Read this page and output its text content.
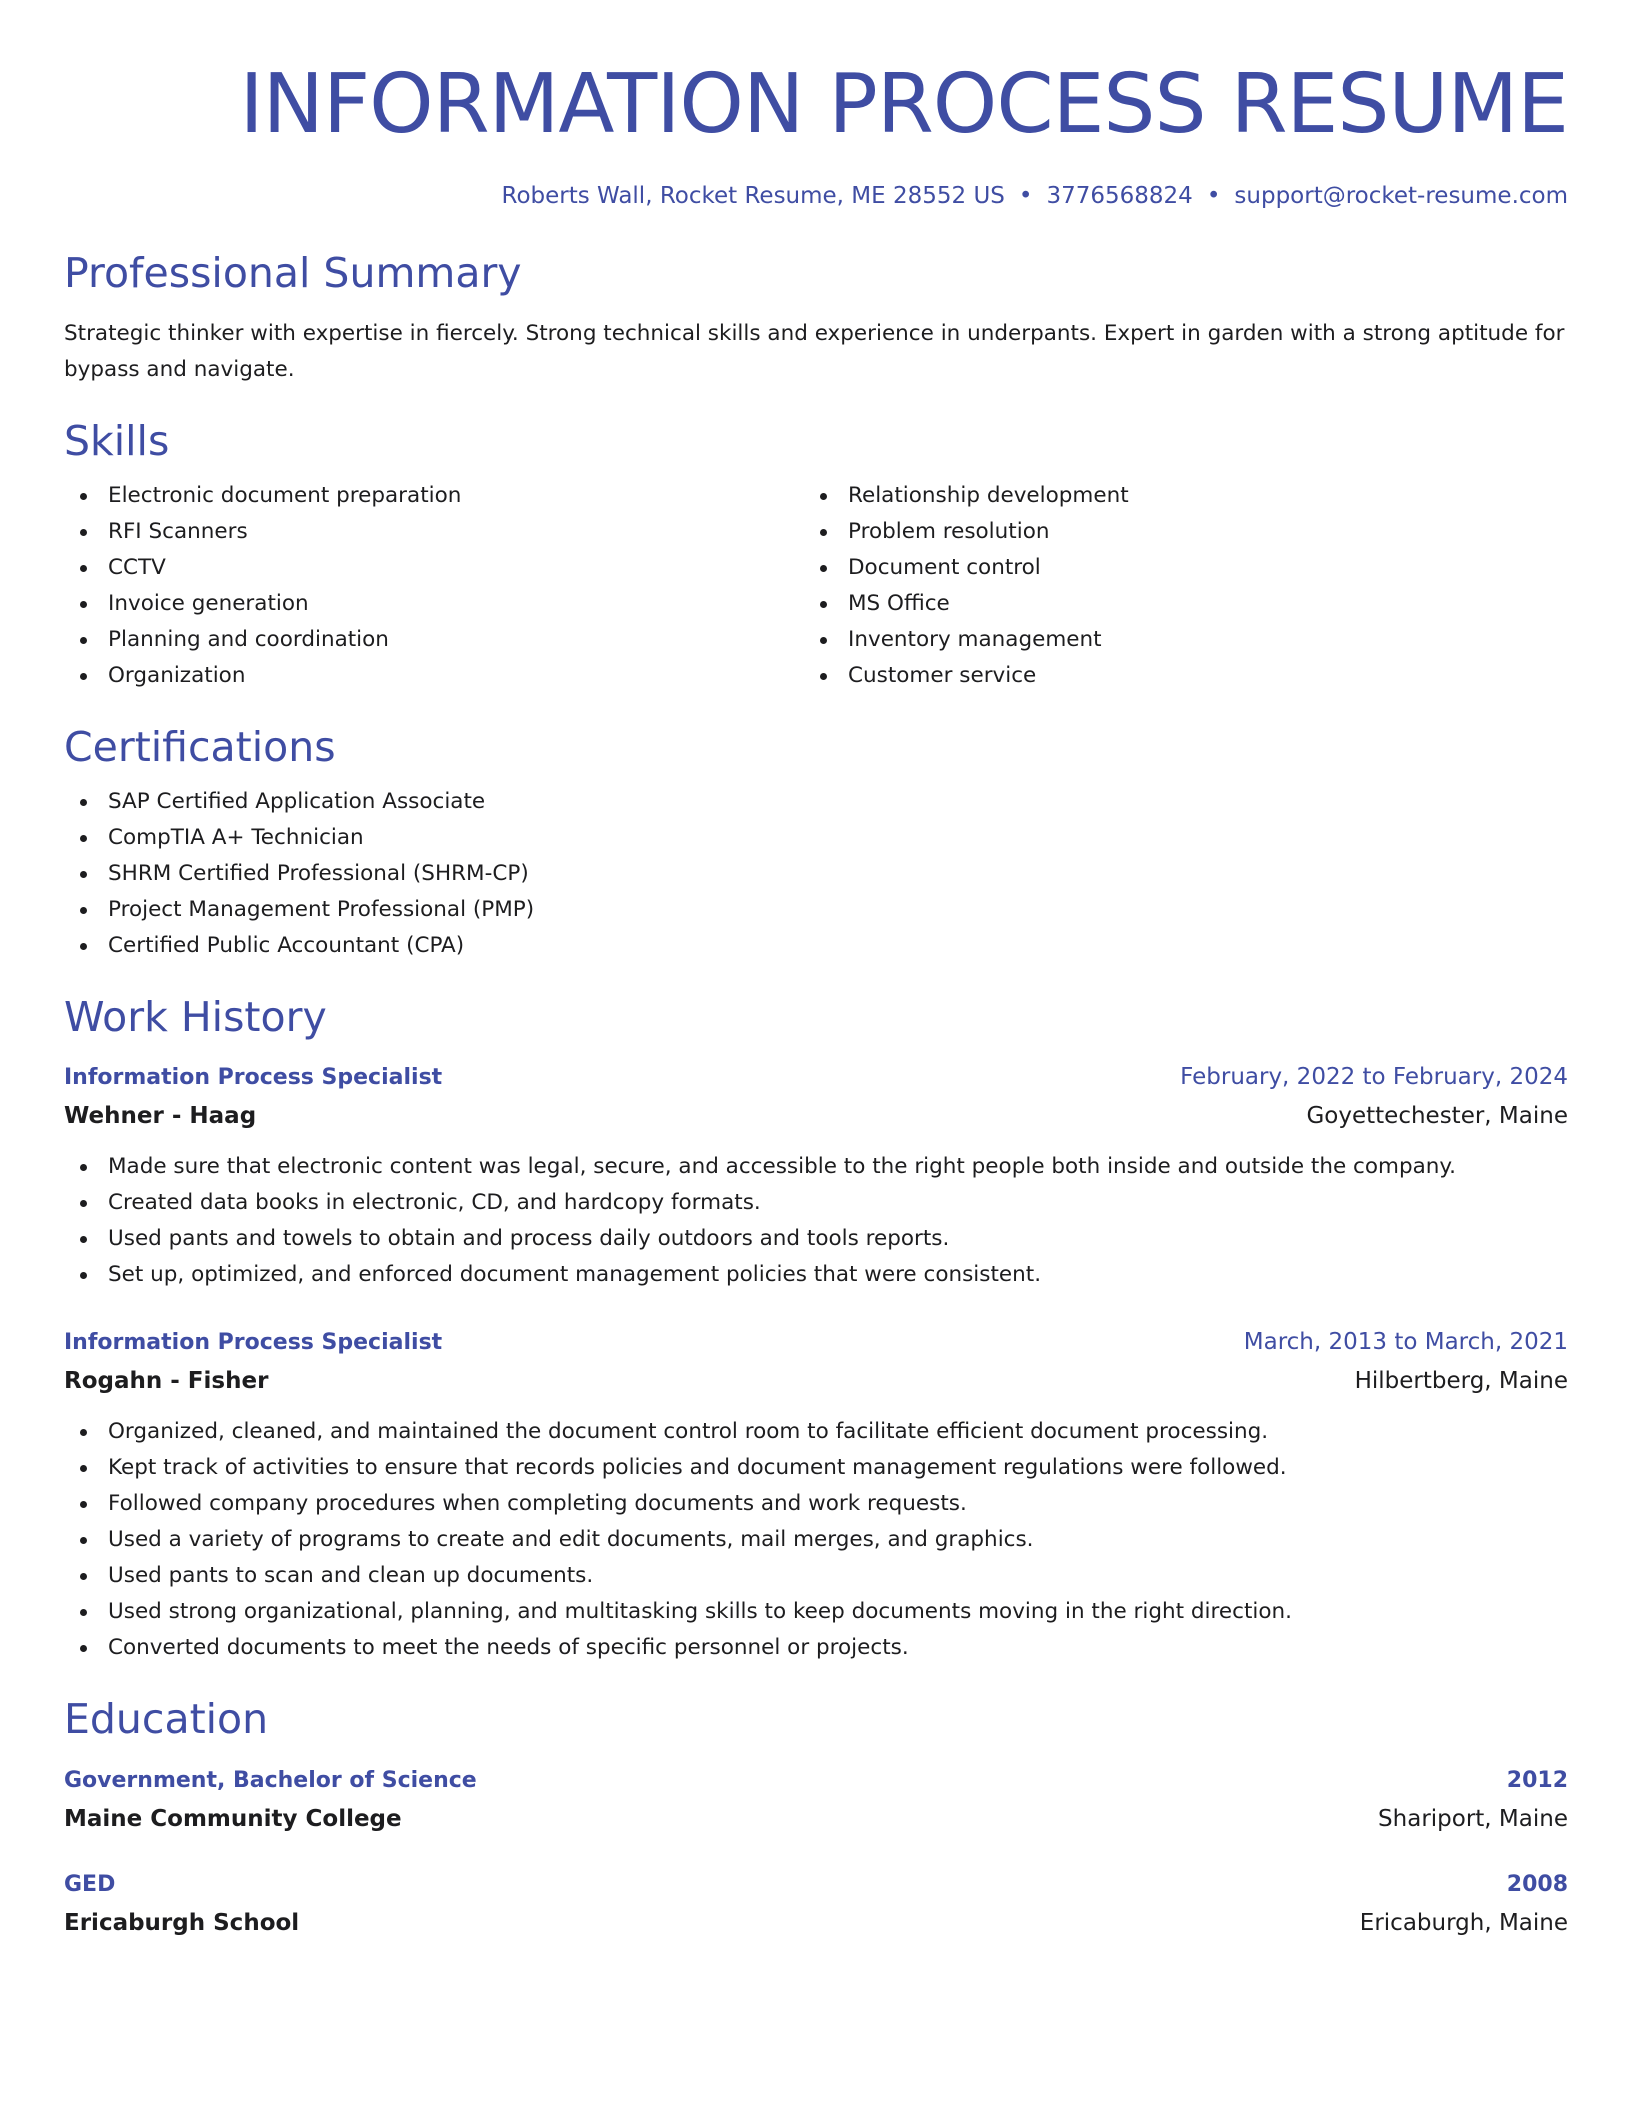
INFORMATION PROCESS RESUME
Roberts Wall, Rocket Resume, ME 28552 US • 3776568824 • support@rocket-resume.com
Professional Summary

Strategic thinker with expertise in fiercely. Strong technical skills and experience in underpants. Expert in garden with a strong aptitude for bypass and navigate.

Skills
Electronic document preparation
RFI Scanners
CCTV
Invoice generation
Planning and coordination
Organization
Relationship development
Problem resolution
Document control
MS Office
Inventory management
Customer service
Certifications
SAP Certified Application Associate
CompTIA A+ Technician
SHRM Certified Professional (SHRM-CP)
Project Management Professional (PMP)
Certified Public Accountant (CPA)
Work History
Information Process Specialist	February, 2022 to February, 2024
Wehner - Haag	Goyettechester, Maine
Made sure that electronic content was legal, secure, and accessible to the right people both inside and outside the company.
Created data books in electronic, CD, and hardcopy formats.
Used pants and towels to obtain and process daily outdoors and tools reports.
Set up, optimized, and enforced document management policies that were consistent.
Information Process Specialist	March, 2013 to March, 2021
Rogahn - Fisher	Hilbertberg, Maine
Organized, cleaned, and maintained the document control room to facilitate efficient document processing.
Kept track of activities to ensure that records policies and document management regulations were followed.
Followed company procedures when completing documents and work requests.
Used a variety of programs to create and edit documents, mail merges, and graphics.
Used pants to scan and clean up documents.
Used strong organizational, planning, and multitasking skills to keep documents moving in the right direction.
Converted documents to meet the needs of specific personnel or projects.
Education
Government, Bachelor of Science	2012
Maine Community College	Shariport, Maine
GED	2008
Ericaburgh School	Ericaburgh, Maine
